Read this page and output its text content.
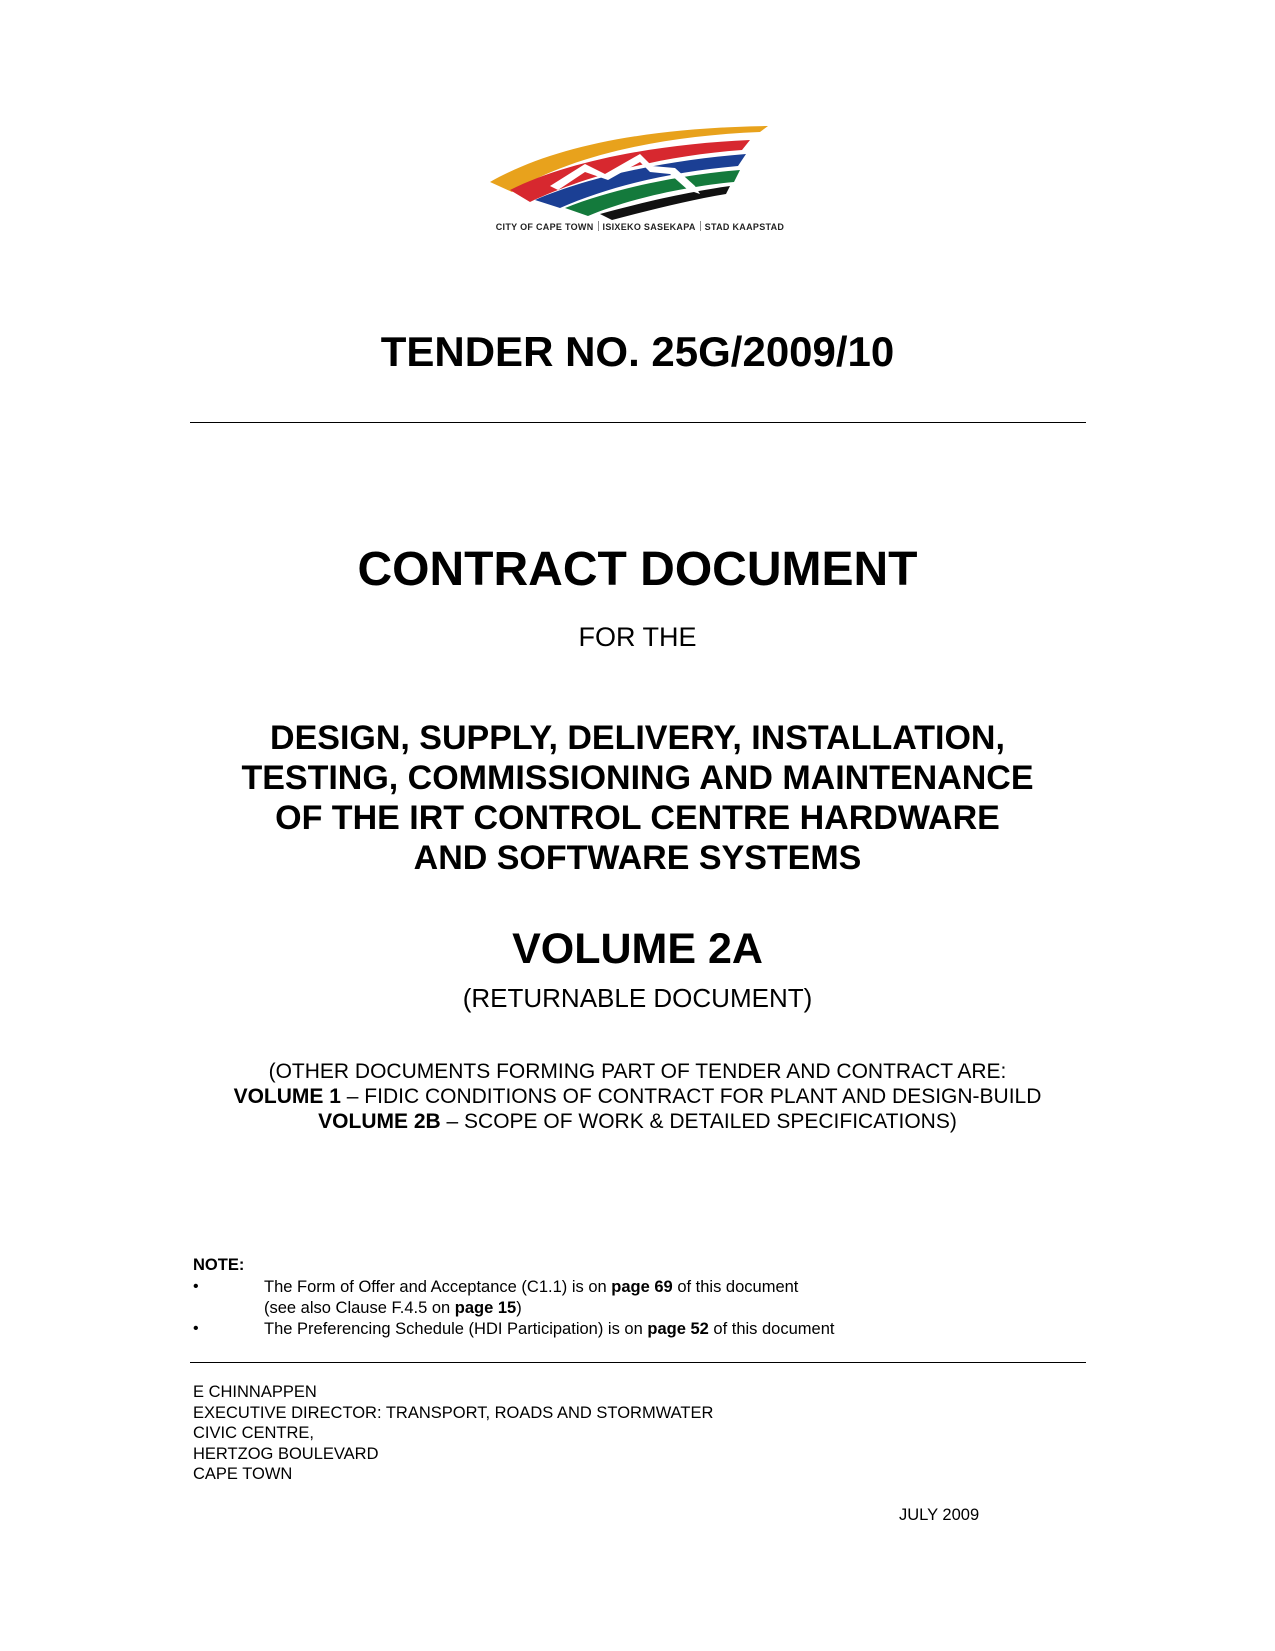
CITY OF CAPE TOWN ISIXEKO SASEKAPA STAD KAAPSTAD
TENDER NO. 25G/2009/10
CONTRACT DOCUMENT
FOR THE
DESIGN, SUPPLY, DELIVERY, INSTALLATION,
TESTING, COMMISSIONING AND MAINTENANCE
OF THE IRT CONTROL CENTRE HARDWARE
AND SOFTWARE SYSTEMS
VOLUME 2A
(RETURNABLE DOCUMENT)
(OTHER DOCUMENTS FORMING PART OF TENDER AND CONTRACT ARE:
VOLUME 1 – FIDIC CONDITIONS OF CONTRACT FOR PLANT AND DESIGN-BUILD
VOLUME 2B – SCOPE OF WORK & DETAILED SPECIFICATIONS)
NOTE:
•	The Form of Offer and Acceptance (C1.1) is on page 69 of this document
(see also Clause F.4.5 on page 15)
•	The Preferencing Schedule (HDI Participation) is on page 52 of this document
E CHINNAPPEN
EXECUTIVE DIRECTOR: TRANSPORT, ROADS AND STORMWATER
CIVIC CENTRE,
HERTZOG BOULEVARD
CAPE TOWN
JULY 2009
